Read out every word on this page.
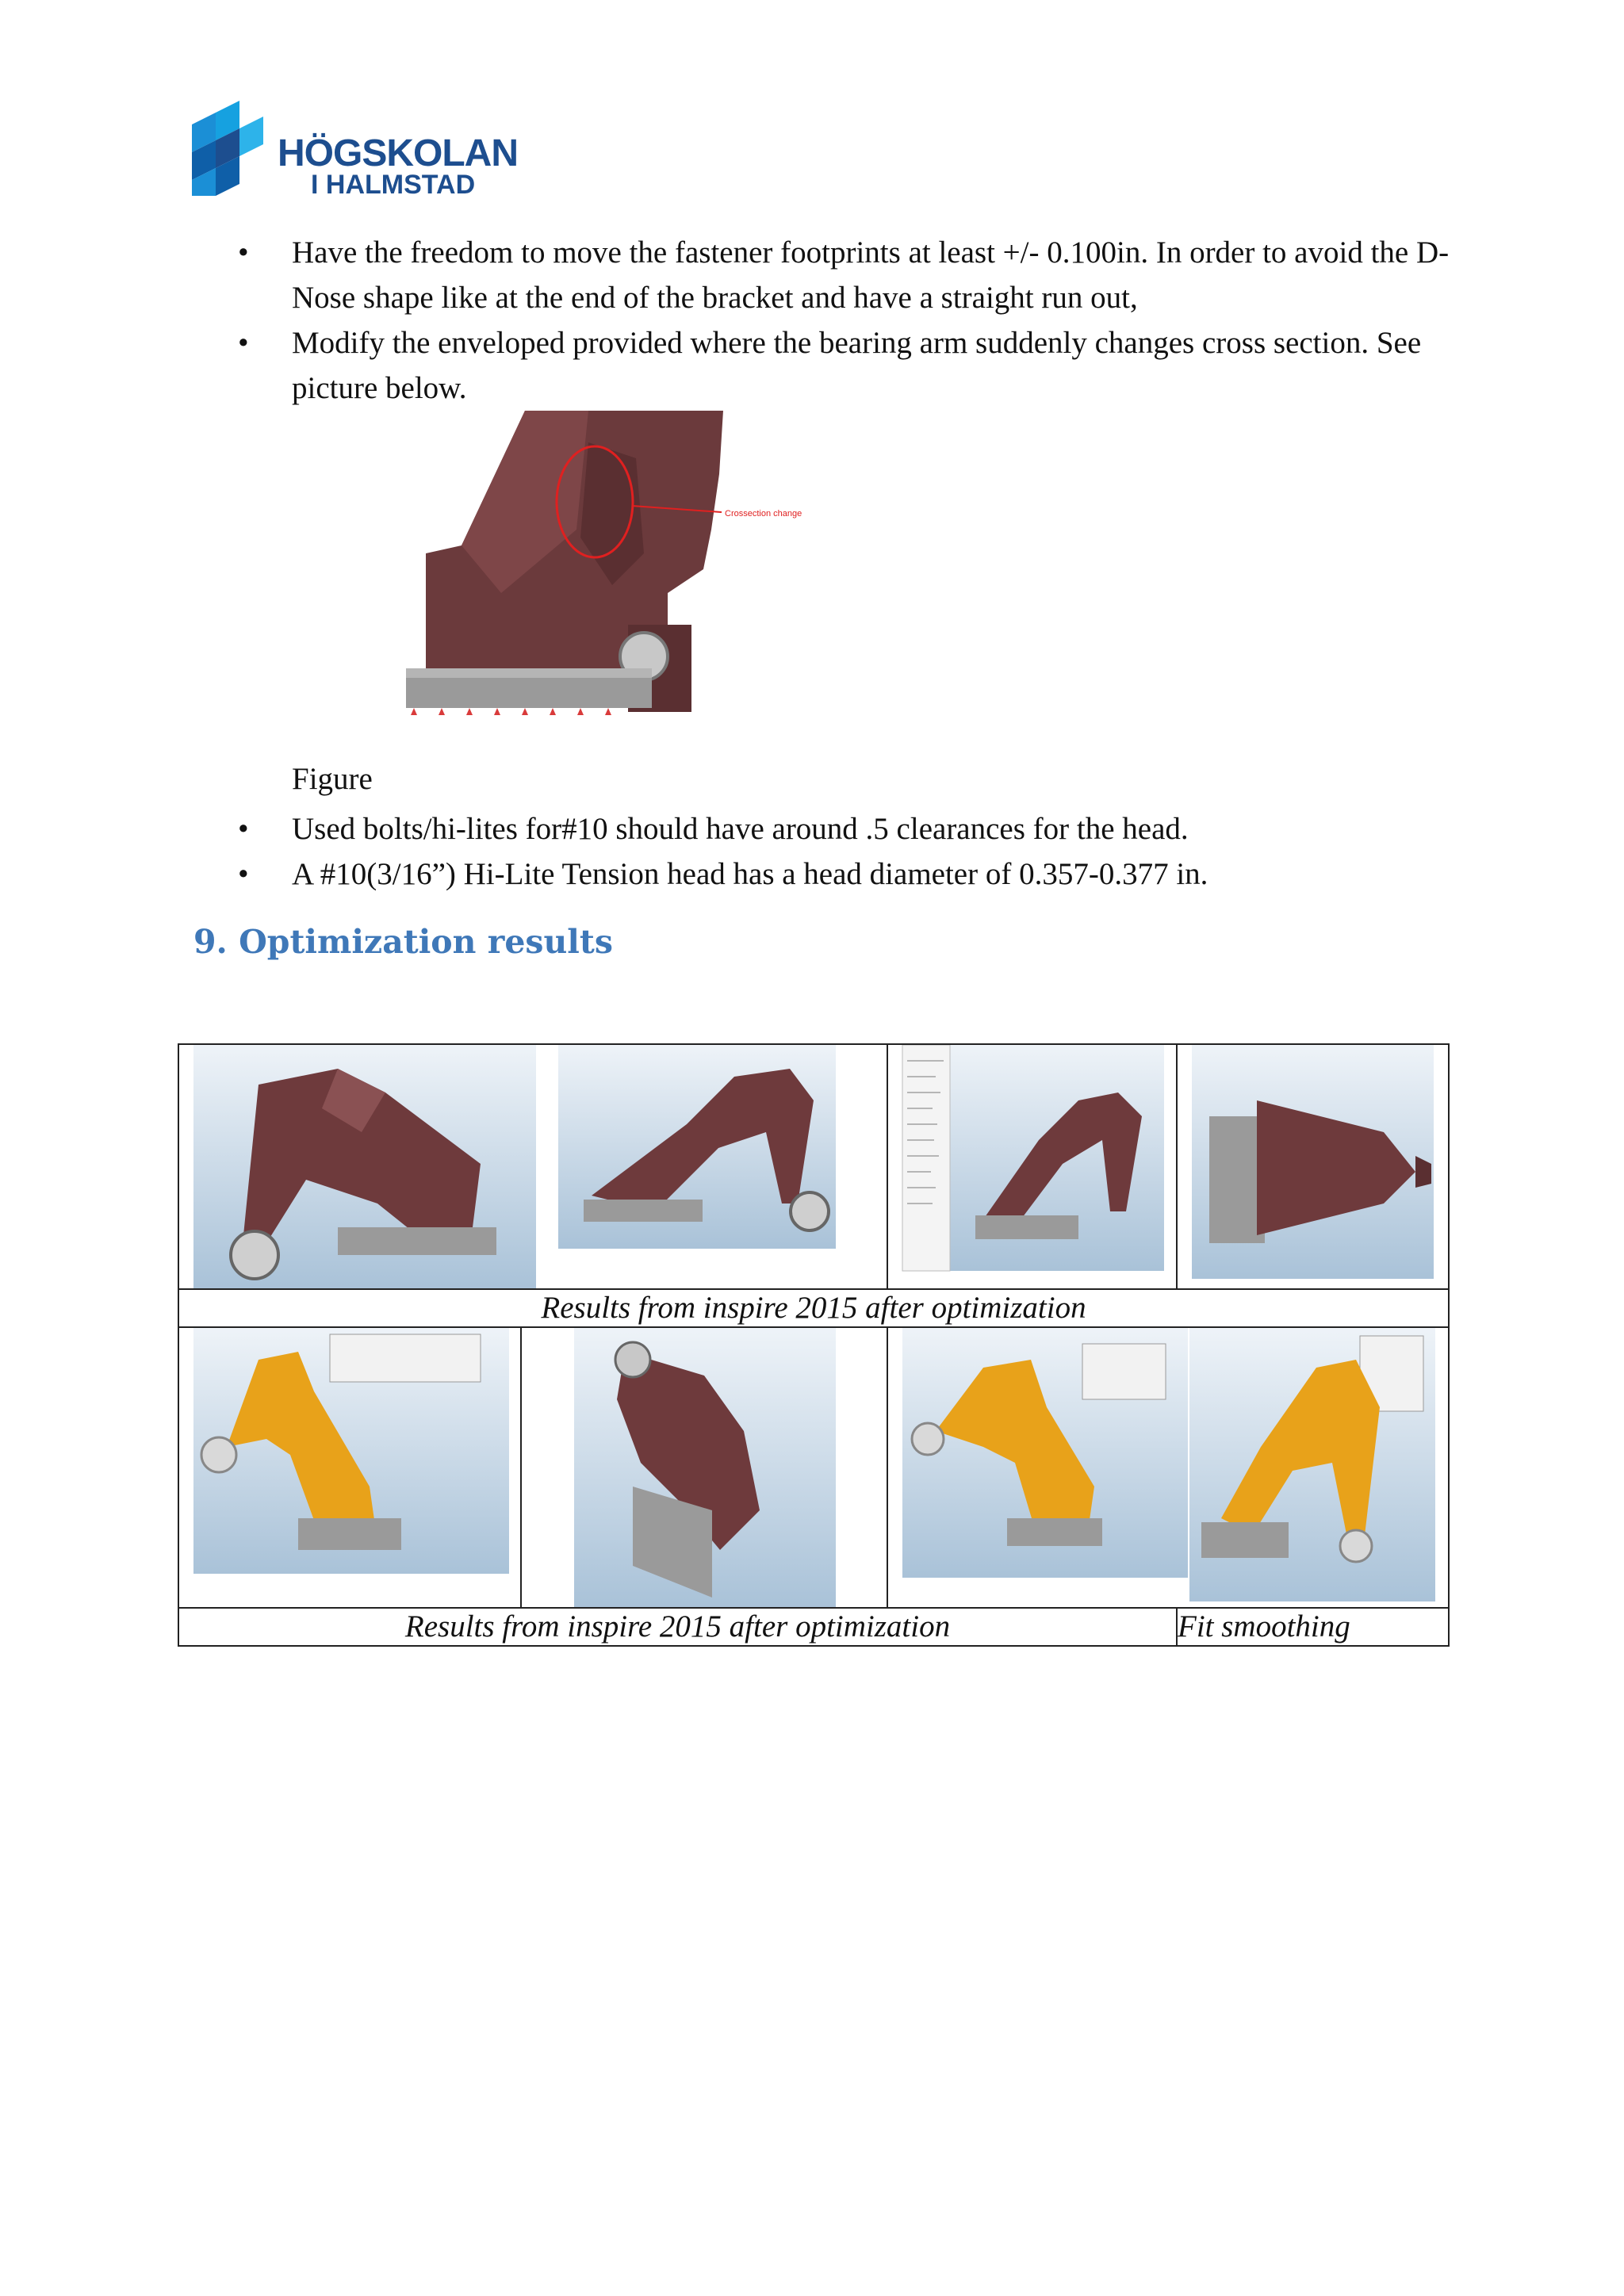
HÖGSKOLAN
I HALMSTAD
• Have the freedom to move the fastener footprints at least +/- 0.100in. In order to avoid the D-Nose shape like at the end of the bracket and have a straight run out,
• Modify the enveloped provided where the bearing arm suddenly changes cross section. See picture below.
Crossection change
Figure
• Used bolts/hi-lites for#10 should have around .5 clearances for the head.
• A #10(3/16”) Hi-Lite Tension head has a head diameter of 0.357-0.377 in.
9. Optimization results

Results from inspire 2015 after optimization			

Results from inspire 2015 after optimization			Fit smoothing
